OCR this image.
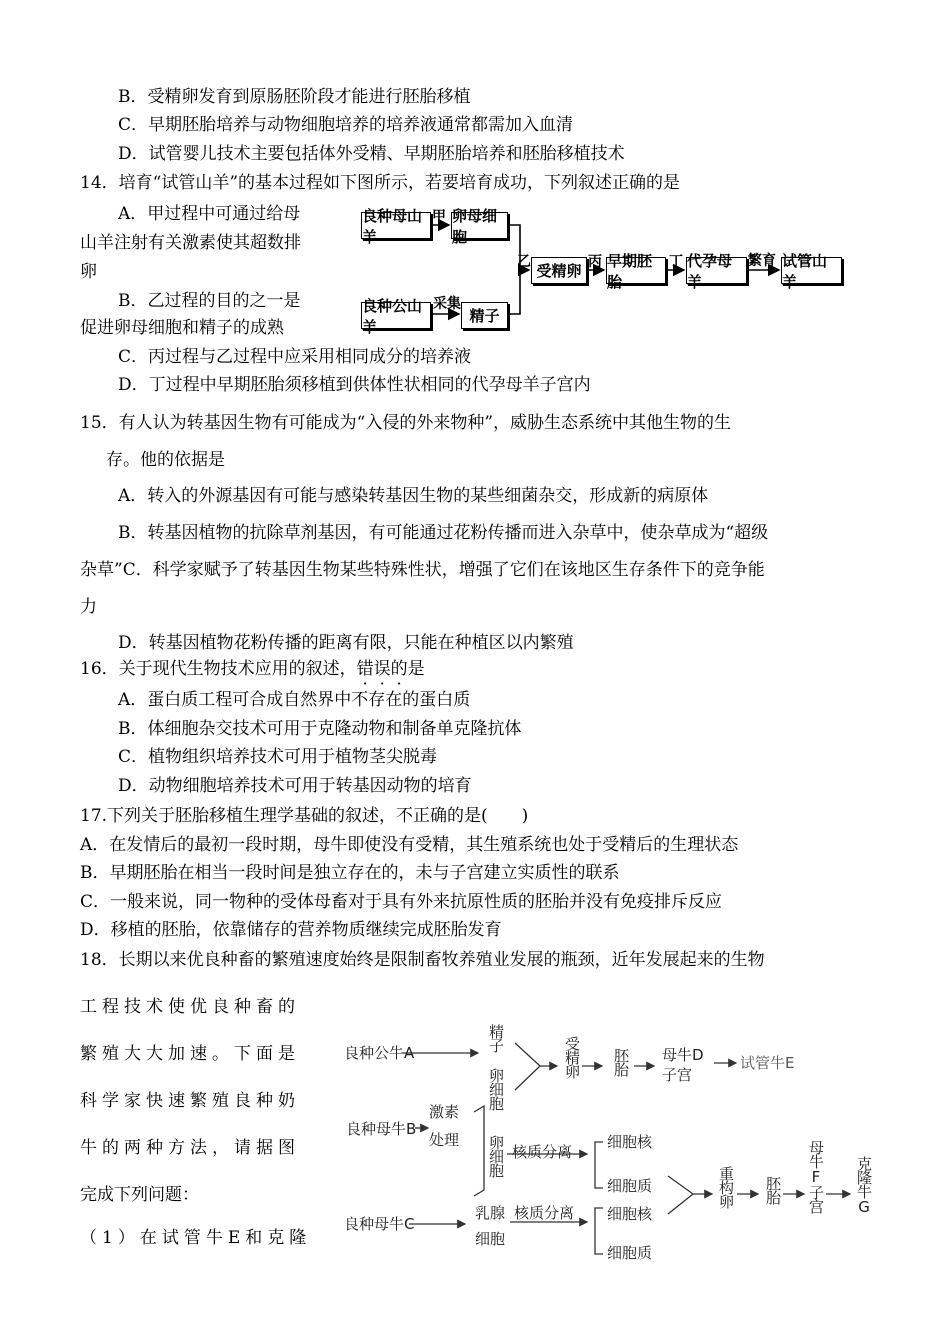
B．受精卵发育到原肠胚阶段才能进行胚胎移植
C．早期胚胎培养与动物细胞培养的培养液通常都需加入血清
D．试管婴儿技术主要包括体外受精、早期胚胎培养和胚胎移植技术
14．培育“试管山羊”的基本过程如下图所示，若要培育成功，下列叙述正确的是
A．甲过程中可通过给母
山羊注射有关激素使其超数排
卵
B．乙过程的目的之一是
促进卵母细胞和精子的成熟
C．丙过程与乙过程中应采用相同成分的培养液
D．丁过程中早期胚胎须移植到供体性状相同的代孕母羊子宫内
良种母山羊
卵母细胞
良种公山羊
精子
受精卵
早期胚胎
代孕母羊
试管山羊
甲
采集
乙	丙	丁	繁育
15．有人认为转基因生物有可能成为“入侵的外来物种”，威胁生态系统中其他生物的生
存。他的依据是
A．转入的外源基因有可能与感染转基因生物的某些细菌杂交，形成新的病原体
B．转基因植物的抗除草剂基因，有可能通过花粉传播而进入杂草中，使杂草成为“超级
杂草”C．科学家赋予了转基因生物某些特殊性状，增强了它们在该地区生存条件下的竞争能
力
D．转基因植物花粉传播的距离有限，只能在种植区以内繁殖
16．关于现代生物技术应用的叙述，错误的是
A．蛋白质工程可合成自然界中不存在的蛋白质
B．体细胞杂交技术可用于克隆动物和制备单克隆抗体
C．植物组织培养技术可用于植物茎尖脱毒
D．动物细胞培养技术可用于转基因动物的培育
17.下列关于胚胎移植生理学基础的叙述，不正确的是(　　)
A．在发情后的最初一段时期，母牛即使没有受精，其生殖系统也处于受精后的生理状态
B．早期胚胎在相当一段时间是独立存在的，未与子宫建立实质性的联系
C．一般来说，同一物种的受体母畜对于具有外来抗原性质的胚胎并没有免疫排斥反应
D．移植的胚胎，依靠储存的营养物质继续完成胚胎发育
18．长期以来优良种畜的繁殖速度始终是限制畜牧养殖业发展的瓶颈，近年发展起来的生物
工程技术使优良种畜的
繁殖大大加速。下面是
科学家快速繁殖良种奶
牛的两种方法，请据图
完成下列问题：
（1）在试管牛E和克隆
良种公牛A
良种母牛B
良种母牛C
精子
卵细胞
卵细胞
激素
处理
受精卵 胚胎 母牛D
子宫
试管牛E
核质分离
细胞核
细胞质
乳腺
细胞
核质分离 细胞核
细胞质
重构卵 胚胎 母牛F子宫 克隆牛G
